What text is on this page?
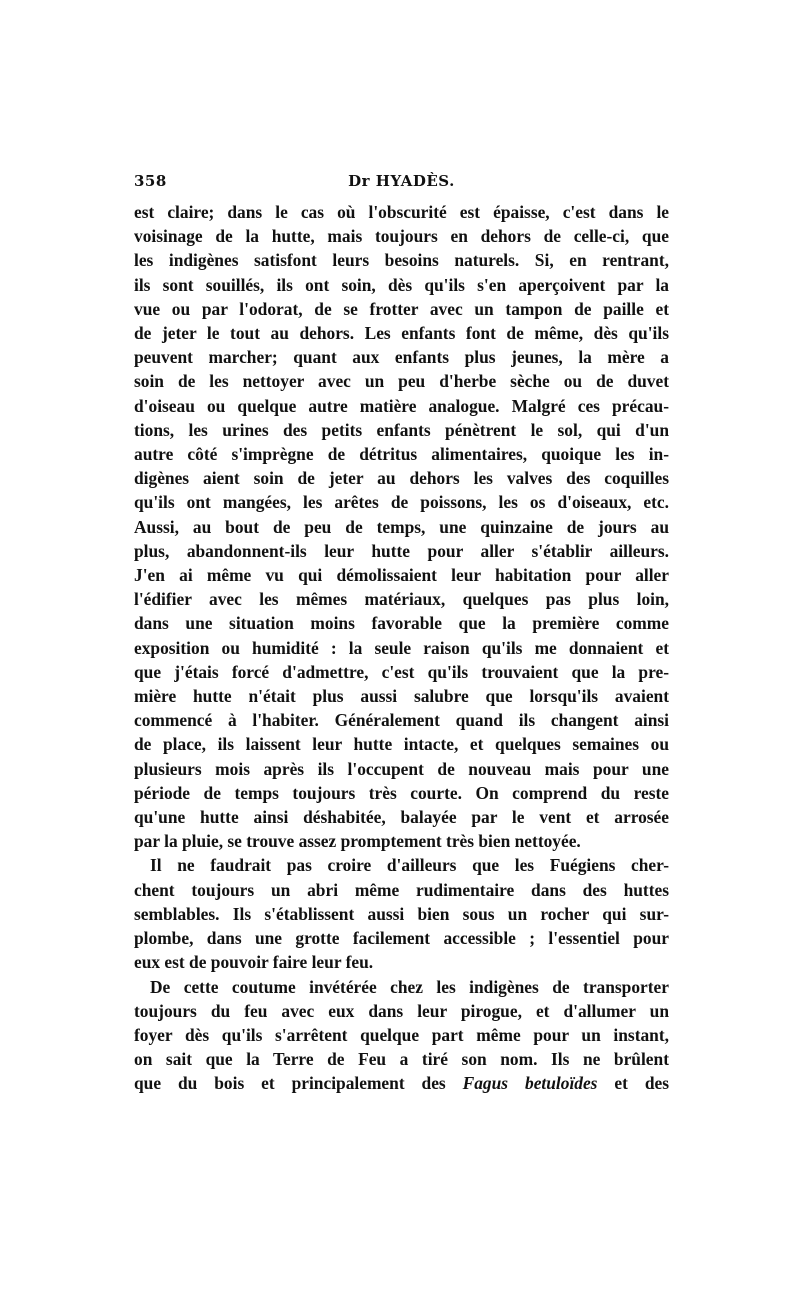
358	Dr HYADÈS.

est claire; dans le cas où l'obscurité est épaisse, c'est dans le
voisinage de la hutte, mais toujours en dehors de celle-ci, que
les indigènes satisfont leurs besoins naturels. Si, en rentrant,
ils sont souillés, ils ont soin, dès qu'ils s'en aperçoivent par la
vue ou par l'odorat, de se frotter avec un tampon de paille et
de jeter le tout au dehors. Les enfants font de même, dès qu'ils
peuvent marcher; quant aux enfants plus jeunes, la mère a
soin de les nettoyer avec un peu d'herbe sèche ou de duvet
d'oiseau ou quelque autre matière analogue. Malgré ces précau-
tions, les urines des petits enfants pénètrent le sol, qui d'un
autre côté s'imprègne de détritus alimentaires, quoique les in-
digènes aient soin de jeter au dehors les valves des coquilles
qu'ils ont mangées, les arêtes de poissons, les os d'oiseaux, etc.
Aussi, au bout de peu de temps, une quinzaine de jours au
plus, abandonnent-ils leur hutte pour aller s'établir ailleurs.
J'en ai même vu qui démolissaient leur habitation pour aller
l'édifier avec les mêmes matériaux, quelques pas plus loin,
dans une situation moins favorable que la première comme
exposition ou humidité : la seule raison qu'ils me donnaient et
que j'étais forcé d'admettre, c'est qu'ils trouvaient que la pre-
mière hutte n'était plus aussi salubre que lorsqu'ils avaient
commencé à l'habiter. Généralement quand ils changent ainsi
de place, ils laissent leur hutte intacte, et quelques semaines ou
plusieurs mois après ils l'occupent de nouveau mais pour une
période de temps toujours très courte. On comprend du reste
qu'une hutte ainsi déshabitée, balayée par le vent et arrosée
par la pluie, se trouve assez promptement très bien nettoyée.

Il ne faudrait pas croire d'ailleurs que les Fuégiens cher-
chent toujours un abri même rudimentaire dans des huttes
semblables. Ils s'établissent aussi bien sous un rocher qui sur-
plombe, dans une grotte facilement accessible ; l'essentiel pour
eux est de pouvoir faire leur feu.

De cette coutume invétérée chez les indigènes de transporter
toujours du feu avec eux dans leur pirogue, et d'allumer un
foyer dès qu'ils s'arrêtent quelque part même pour un instant,
on sait que la Terre de Feu a tiré son nom. Ils ne brûlent
que du bois et principalement des Fagus betuloïdes et des
